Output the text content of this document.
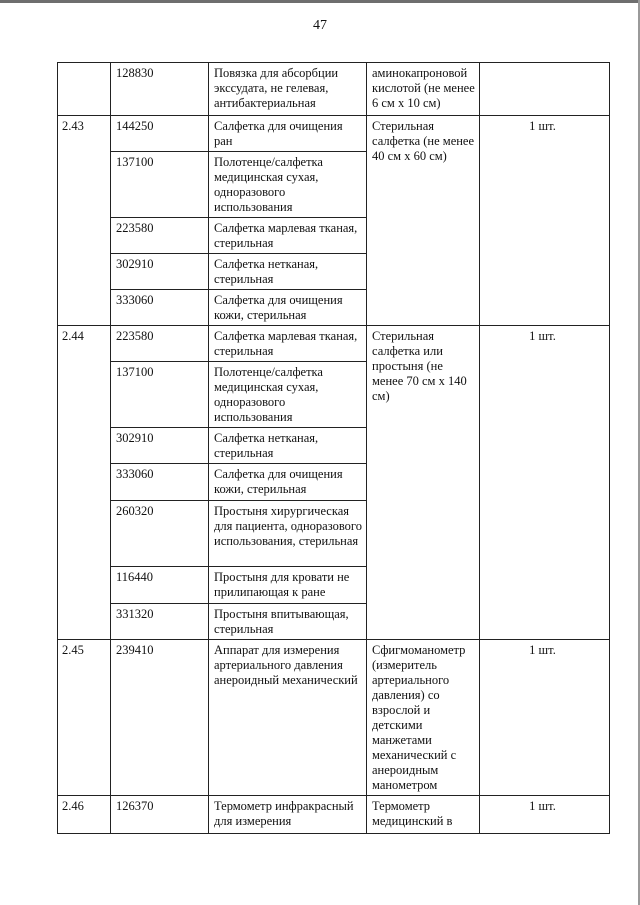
47
	128830	Повязка для абсорбции экссудата, не гелевая, антибактериальная	аминокапроновой кислотой (не менее 6 см x 10 см)	
2.43	144250	Салфетка для очищения ран	Стерильная салфетка (не менее 40 см x 60 см)	1 шт.
	137100	Полотенце/салфетка медицинская сухая, одноразового использования		
	223580	Салфетка марлевая тканая, стерильная		
	302910	Салфетка нетканая, стерильная		
	333060	Салфетка для очищения кожи, стерильная		
2.44	223580	Салфетка марлевая тканая, стерильная	Стерильная салфетка или простыня (не менее 70 см x 140 см)	1 шт.
	137100	Полотенце/салфетка медицинская сухая, одноразового использования		
	302910	Салфетка нетканая, стерильная		
	333060	Салфетка для очищения кожи, стерильная		
	260320	Простыня хирургическая для пациента, одноразового использования, стерильная		
	116440	Простыня для кровати не прилипающая к ране		
	331320	Простыня впитывающая, стерильная		
2.45	239410	Аппарат для измерения артериального давления анероидный механический	Сфигмоманометр (измеритель артериального давления) со взрослой и детскими манжетами механический с анероидным манометром	1 шт.
2.46	126370	Термометр инфракрасный для измерения	Термометр медицинский в	1 шт.
